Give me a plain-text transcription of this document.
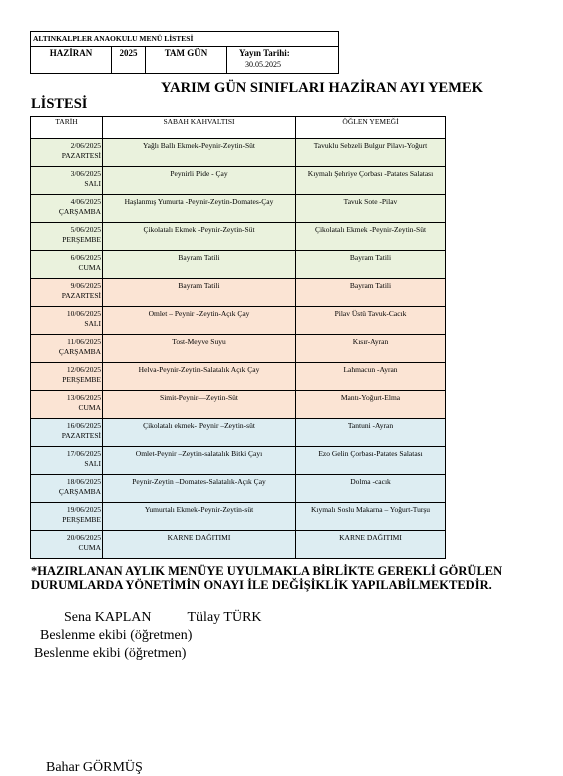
ALTINKALPLER ANAOKULU MENÜ LİSTESİ
HAZİRAN	2025	TAM GÜN	Yayın Tarihi:
30.05.2025
YARIM GÜN SINIFLARI HAZİRAN AYI YEMEK
LİSTESİ
TARİH	SABAH KAHVALTISI	ÖĞLEN YEMEĞİ

2/06/2025
PAZARTESİ	Yağlı Ballı Ekmek-Peynir-Zeytin-Süt	Tavuklu Sebzeli Bulgur Pilavı-Yoğurt

3/06/2025
SALI	Peynirli Pide - Çay	Kıymalı Şehriye Çorbası -Patates Salatası

4/06/2025
ÇARŞAMBA	Haşlanmış Yumurta -Peynir-Zeytin-Domates-Çay	Tavuk Sote -Pilav

5/06/2025
PERŞEMBE	Çikolatalı Ekmek -Peynir-Zeytin-Süt	Çikolatalı Ekmek -Peynir-Zeytin-Süt

6/06/2025
CUMA	Bayram Tatili	Bayram Tatili

9/06/2025
PAZARTESİ	Bayram Tatili	Bayram Tatili

10/06/2025
SALI	Omlet – Peynir -Zeytin-Açık Çay	Pilav Üstü Tavuk-Cacık

11/06/2025
ÇARŞAMBA	Tost-Meyve Suyu	Kısır-Ayran

12/06/2025
PERŞEMBE	Helva-Peynir-Zeytin-Salatalık Açık Çay	Lahmacun -Ayran

13/06/2025
CUMA	Simit-Peynir—Zeytin-Süt	Mantı-Yoğurt-Elma

16/06/2025
PAZARTESİ	Çikolatalı ekmek- Peynir –Zeytin-süt	Tantuni -Ayran

17/06/2025
SALI	Omlet-Peynir –Zeytin-salatalık Bitki Çayı	Ezo Gelin Çorbası-Patates Salatası

18/06/2025
ÇARŞAMBA	Peynir-Zeytin –Domates-Salatalık-Açık Çay	Dolma -cacık

19/06/2025
PERŞEMBE	Yumurtalı Ekmek-Peynir-Zeytin-süt	Kıymalı Soslu Makarna – Yoğurt-Turşu

20/06/2025
CUMA	KARNE DAĞITIMI	KARNE DAĞITIMI
*HAZIRLANAN AYLIK MENÜYE UYULMAKLA BİRLİKTE GEREKLİ GÖRÜLEN DURUMLARDA YÖNETİMİN ONAYI İLE DEĞİŞİKLİK YAPILABİLMEKTEDİR.
Sena KAPLAN	Tülay TÜRK
Beslenme ekibi (öğretmen)
Beslenme ekibi (öğretmen)
Bahar GÖRMÜŞ
